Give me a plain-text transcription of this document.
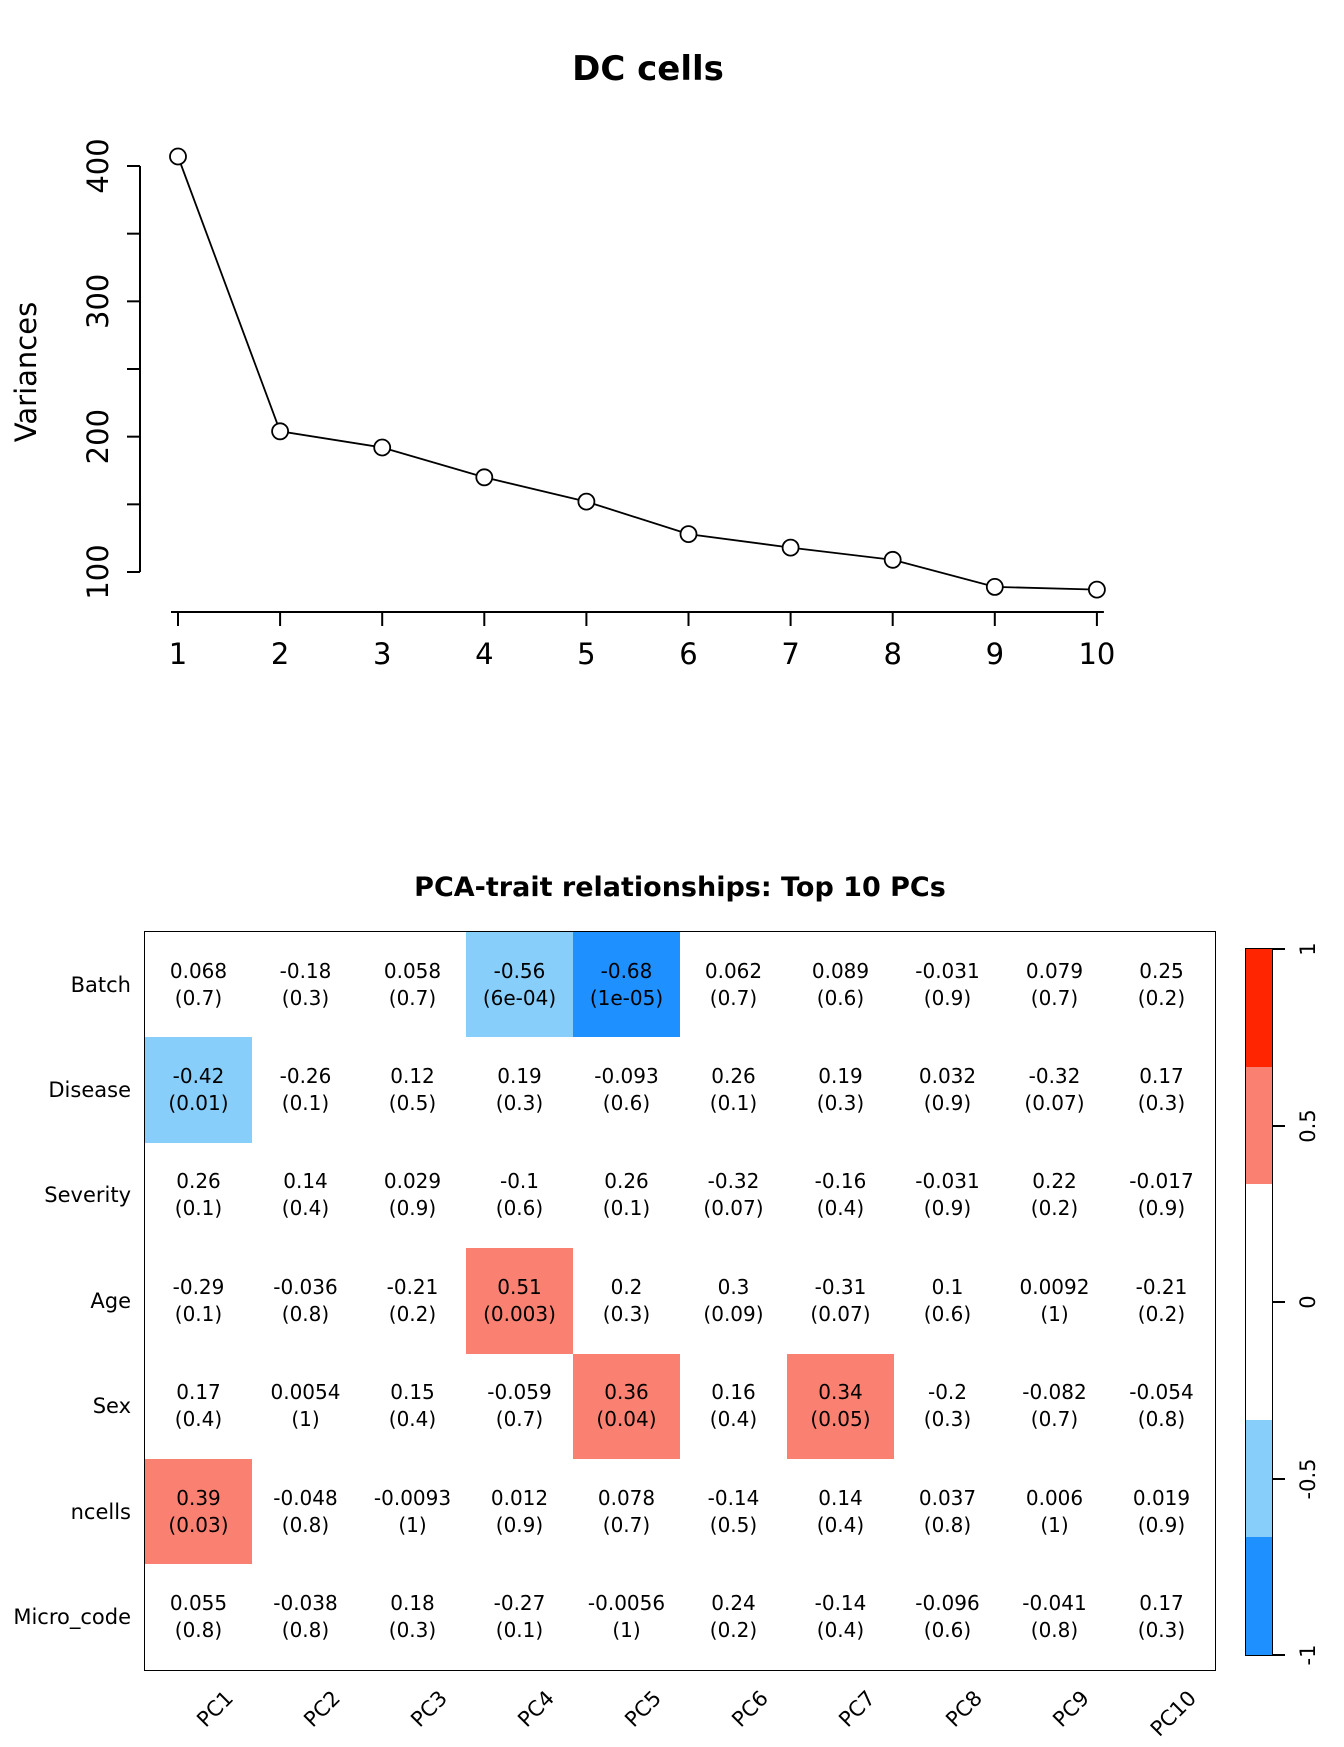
DC cells
Variances
100
200
300
400
1	2	3	4	5	6	7	8	9	10
PCA-trait relationships: Top 10 PCs
Batch
0.068
(0.7)
-0.18
(0.3)
0.058
(0.7)
-0.56
(6e-04)
-0.68
(1e-05)
0.062
(0.7)
0.089
(0.6)
-0.031
(0.9)
0.079
(0.7)
0.25
(0.2)
Disease
-0.42
(0.01)
-0.26
(0.1)
0.12
(0.5)
0.19
(0.3)
-0.093
(0.6)
0.26
(0.1)
0.19
(0.3)
0.032
(0.9)
-0.32
(0.07)
0.17
(0.3)
Severity
0.26
(0.1)
0.14
(0.4)
0.029
(0.9)
-0.1
(0.6)
0.26
(0.1)
-0.32
(0.07)
-0.16
(0.4)
-0.031
(0.9)
0.22
(0.2)
-0.017
(0.9)
Age
-0.29
(0.1)
-0.036
(0.8)
-0.21
(0.2)
0.51
(0.003)
0.2
(0.3)
0.3
(0.09)
-0.31
(0.07)
0.1
(0.6)
0.0092
(1)
-0.21
(0.2)
Sex
0.17
(0.4)
0.0054
(1)
0.15
(0.4)
-0.059
(0.7)
0.36
(0.04)
0.16
(0.4)
0.34
(0.05)
-0.2
(0.3)
-0.082
(0.7)
-0.054
(0.8)
ncells
0.39
(0.03)
-0.048
(0.8)
-0.0093
(1)
0.012
(0.9)
0.078
(0.7)
-0.14
(0.5)
0.14
(0.4)
0.037
(0.8)
0.006
(1)
0.019
(0.9)
Micro_code
0.055
(0.8)
-0.038
(0.8)
0.18
(0.3)
-0.27
(0.1)
-0.0056
(1)
0.24
(0.2)
-0.14
(0.4)
-0.096
(0.6)
-0.041
(0.8)
0.17
(0.3)
PC1	PC2	PC3	PC4	PC5	PC6	PC7	PC8	PC9	PC10
1
0.5
0
-0.5
-1
